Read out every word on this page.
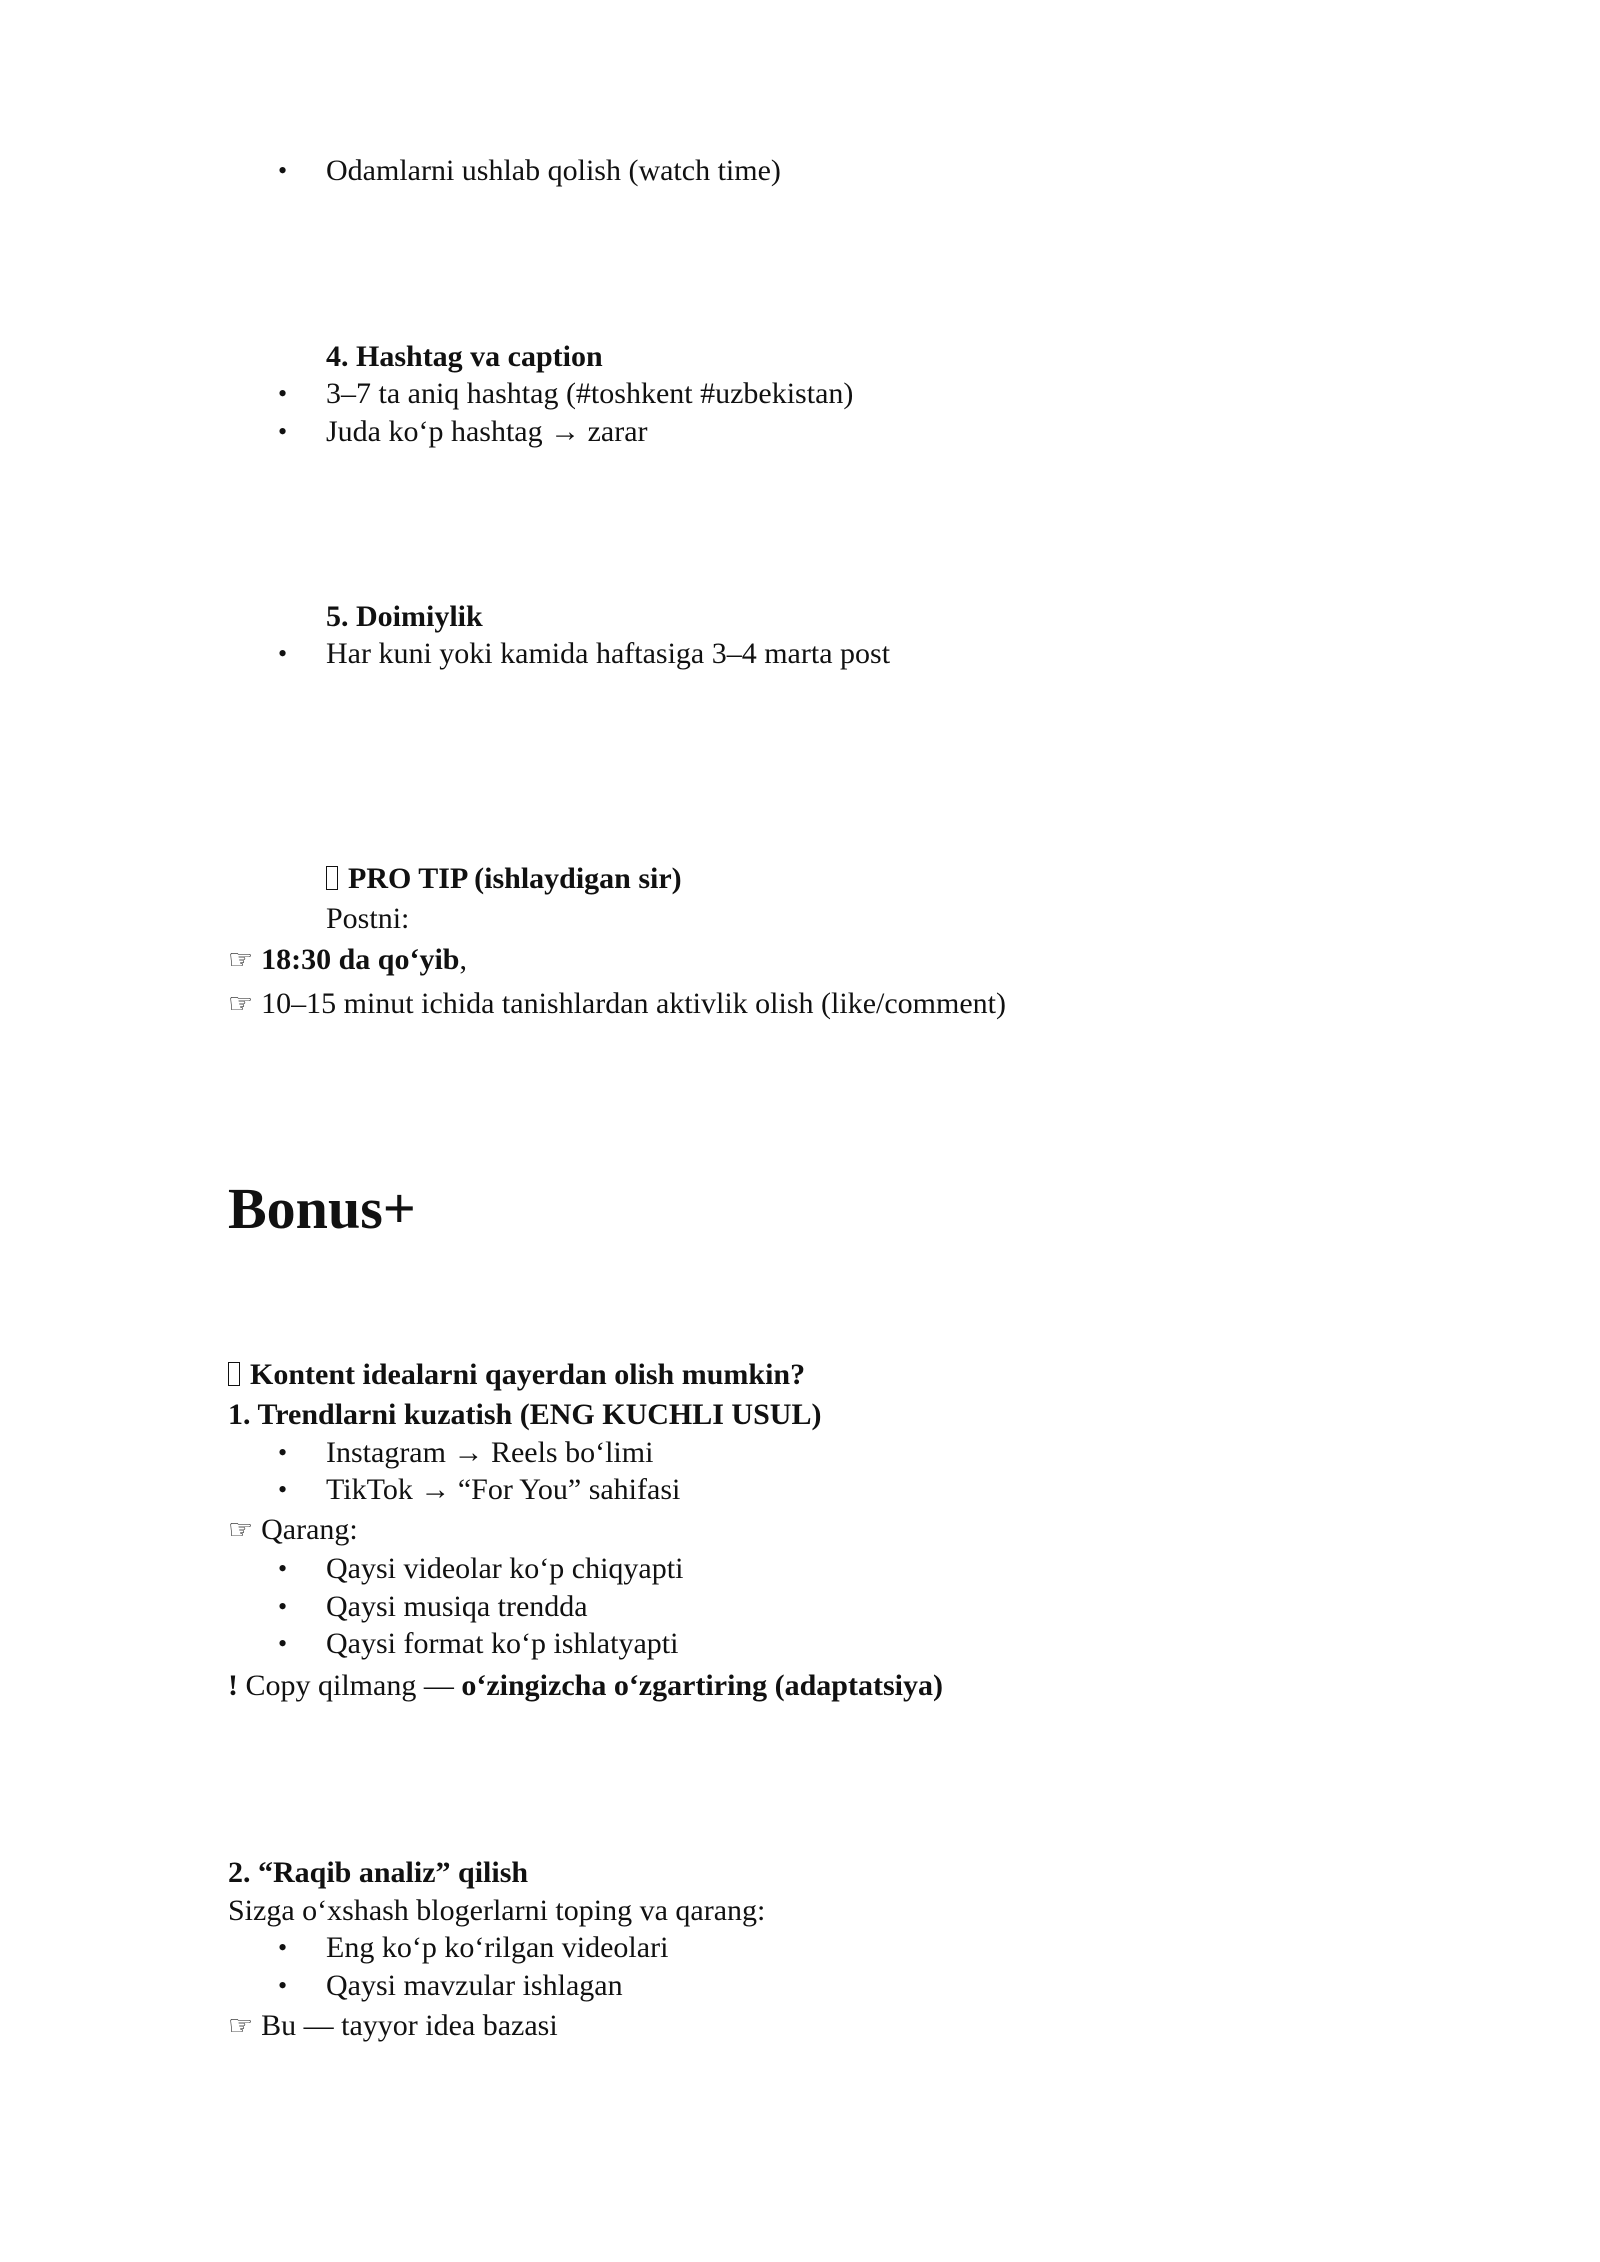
• Odamlarni ushlab qolish (watch time)
4. Hashtag va caption
• 3–7 ta aniq hashtag (#toshkent #uzbekistan)
• Juda ko‘p hashtag → zarar
5. Doimiylik
• Har kuni yoki kamida haftasiga 3–4 marta post
PRO TIP (ishlaydigan sir)
Postni:
☞ 18:30 da qo‘yib,
☞ 10–15 minut ichida tanishlardan aktivlik olish (like/comment)
Bonus+
Kontent idealarni qayerdan olish mumkin?
1. Trendlarni kuzatish (ENG KUCHLI USUL)
• Instagram → Reels bo‘limi
• TikTok → “For You” sahifasi
☞ Qarang:
• Qaysi videolar ko‘p chiqyapti
• Qaysi musiqa trendda
• Qaysi format ko‘p ishlatyapti
! Copy qilmang — o‘zingizcha o‘zgartiring (adaptatsiya)
2. “Raqib analiz” qilish
Sizga o‘xshash blogerlarni toping va qarang:
• Eng ko‘p ko‘rilgan videolari
• Qaysi mavzular ishlagan
☞ Bu — tayyor idea bazasi
